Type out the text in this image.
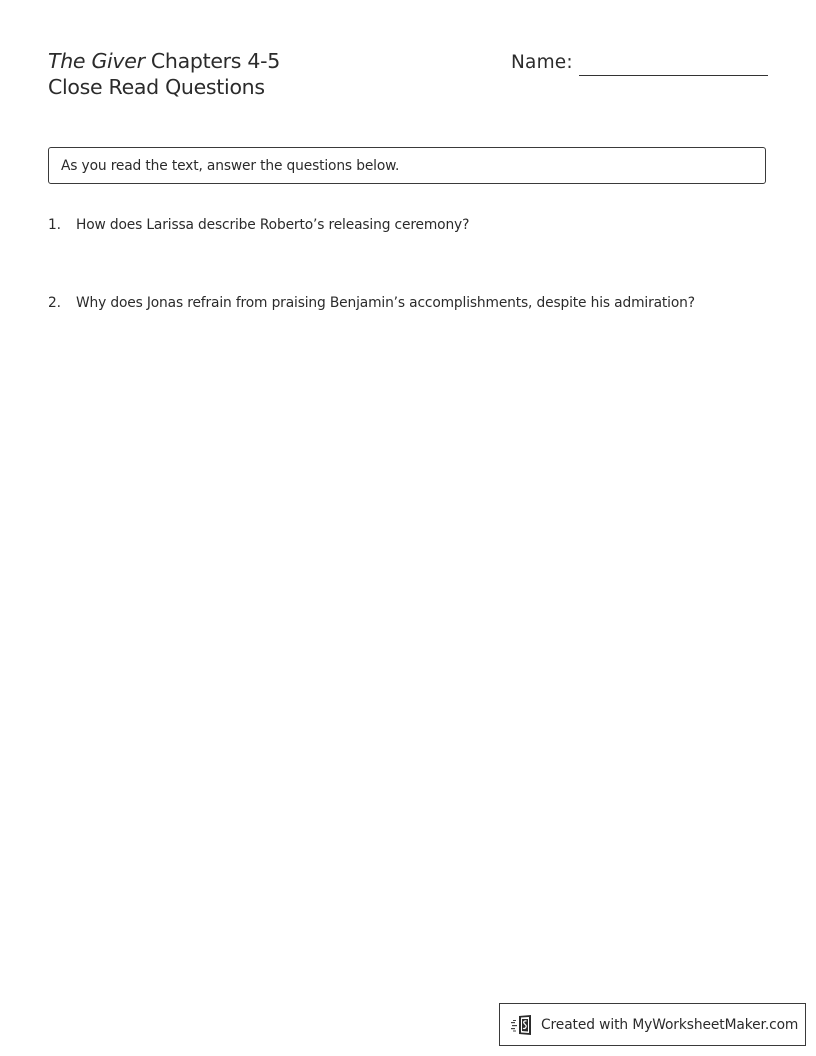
The Giver Chapters 4-5
Close Read Questions
Name:
As you read the text, answer the questions below.
1.	How does Larissa describe Roberto’s releasing ceremony?
2.	Why does Jonas refrain from praising Benjamin’s accomplishments, despite his admiration?
Created with MyWorksheetMaker.com
